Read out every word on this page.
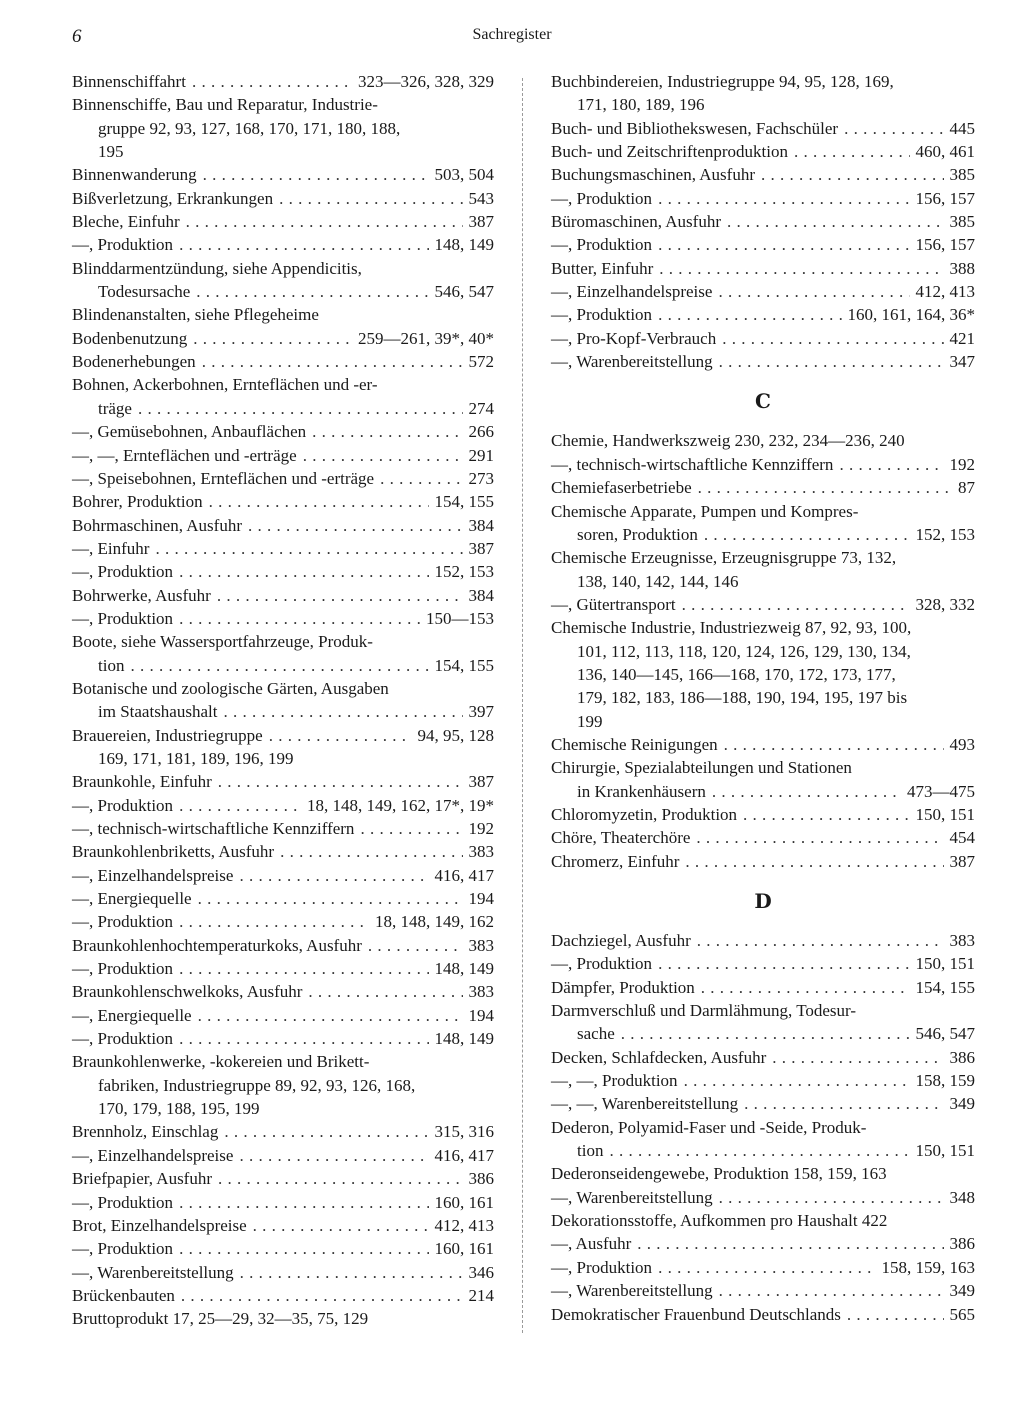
6	Sachregister
Binnenschiffahrt . . .	323—326, 328, 329
Binnenschiffe, Bau und Reparatur, Industrie-
gruppe 92, 93, 127, 168, 170, 171, 180, 188,
195
Binnenwanderung . . .	503, 504
Bißverletzung, Erkrankungen . . .	543
Bleche, Einfuhr . . .	387
—, Produktion . . .	148, 149
Blinddarmentzündung, siehe Appendicitis,
Todesursache . . .	546, 547
Blindenanstalten, siehe Pflegeheime
Bodenbenutzung . . .	259—261, 39*, 40*
Bodenerhebungen . . .	572
Bohnen, Ackerbohnen, Ernteflächen und -er-
träge . . .	274
—, Gemüsebohnen, Anbauflächen . . .	266
—, —, Ernteflächen und -erträge . . .	291
—, Speisebohnen, Ernteflächen und -erträge . . .	273
Bohrer, Produktion . . .	154, 155
Bohrmaschinen, Ausfuhr . . .	384
—, Einfuhr . . .	387
—, Produktion . . .	152, 153
Bohrwerke, Ausfuhr . . .	384
—, Produktion . . .	150—153
Boote, siehe Wassersportfahrzeuge, Produk-
tion . . .	154, 155
Botanische und zoologische Gärten, Ausgaben
im Staatshaushalt . . .	397
Brauereien, Industriegruppe . . .	94, 95, 128
169, 171, 181, 189, 196, 199
Braunkohle, Einfuhr . . .	387
—, Produktion . . .	18, 148, 149, 162, 17*, 19*
—, technisch-wirtschaftliche Kennziffern . . .	192
Braunkohlenbriketts, Ausfuhr . . .	383
—, Einzelhandelspreise . . .	416, 417
—, Energiequelle . . .	194
—, Produktion . . .	18, 148, 149, 162
Braunkohlenhochtemperaturkoks, Ausfuhr . . .	383
—, Produktion . . .	148, 149
Braunkohlenschwelkoks, Ausfuhr . . .	383
—, Energiequelle . . .	194
—, Produktion . . .	148, 149
Braunkohlenwerke, -kokereien und Brikett-
fabriken, Industriegruppe 89, 92, 93, 126, 168,
170, 179, 188, 195, 199
Brennholz, Einschlag . . .	315, 316
—, Einzelhandelspreise . . .	416, 417
Briefpapier, Ausfuhr . . .	386
—, Produktion . . .	160, 161
Brot, Einzelhandelspreise . . .	412, 413
—, Produktion . . .	160, 161
—, Warenbereitstellung . . .	346
Brückenbauten . . .	214
Bruttoprodukt 17, 25—29, 32—35, 75, 129
Buchbindereien, Industriegruppe 94, 95, 128, 169,
171, 180, 189, 196
Buch- und Bibliothekswesen, Fachschüler . . .	445
Buch- und Zeitschriftenproduktion . . .	460, 461
Buchungsmaschinen, Ausfuhr . . .	385
—, Produktion . . .	156, 157
Büromaschinen, Ausfuhr . . .	385
—, Produktion . . .	156, 157
Butter, Einfuhr . . .	388
—, Einzelhandelspreise . . .	412, 413
—, Produktion . . .	160, 161, 164, 36*
—, Pro-Kopf-Verbrauch . . .	421
—, Warenbereitstellung . . .	347
C
Chemie, Handwerkszweig 230, 232, 234—236, 240
—, technisch-wirtschaftliche Kennziffern . . .	192
Chemiefaserbetriebe . . .	87
Chemische Apparate, Pumpen und Kompres-
soren, Produktion . . .	152, 153
Chemische Erzeugnisse, Erzeugnisgruppe 73, 132,
138, 140, 142, 144, 146
—, Gütertransport . . .	328, 332
Chemische Industrie, Industriezweig 87, 92, 93, 100,
101, 112, 113, 118, 120, 124, 126, 129, 130, 134,
136, 140—145, 166—168, 170, 172, 173, 177,
179, 182, 183, 186—188, 190, 194, 195, 197 bis
199
Chemische Reinigungen . . .	493
Chirurgie, Spezialabteilungen und Stationen
in Krankenhäusern . . .	473—475
Chloromyzetin, Produktion . . .	150, 151
Chöre, Theaterchöre . . .	454
Chromerz, Einfuhr . . .	387
D
Dachziegel, Ausfuhr . . .	383
—, Produktion . . .	150, 151
Dämpfer, Produktion . . .	154, 155
Darmverschluß und Darmlähmung, Todesur-
sache . . .	546, 547
Decken, Schlafdecken, Ausfuhr . . .	386
—, —, Produktion . . .	158, 159
—, —, Warenbereitstellung . . .	349
Dederon, Polyamid-Faser und -Seide, Produk-
tion . . .	150, 151
Dederonseidengewebe, Produktion 158, 159, 163
—, Warenbereitstellung . . .	348
Dekorationsstoffe, Aufkommen pro Haushalt 422
—, Ausfuhr . . .	386
—, Produktion . . .	158, 159, 163
—, Warenbereitstellung . . .	349
Demokratischer Frauenbund Deutschlands . . .	565
